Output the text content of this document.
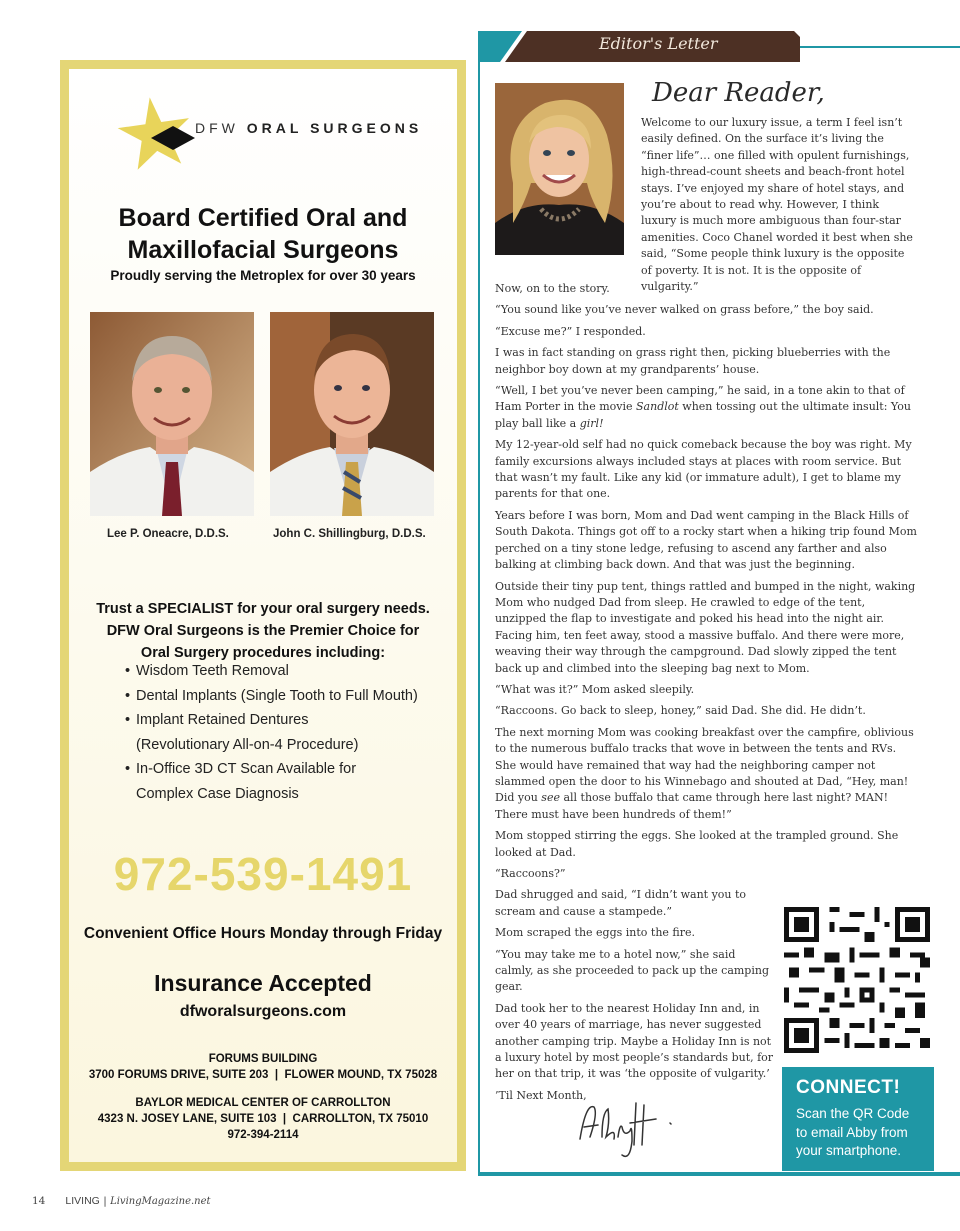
DFW ORAL SURGEONS
Board Certified Oral and
Maxillofacial Surgeons
Proudly serving the Metroplex for over 30 years
Lee P. Oneacre, D.D.S.	John C. Shillingburg, D.D.S.
Trust a SPECIALIST for your oral surgery needs.
DFW Oral Surgeons is the Premier Choice for
Oral Surgery procedures including:
• Wisdom Teeth Removal
• Dental Implants (Single Tooth to Full Mouth)
• Implant Retained Dentures
(Revolutionary All-on-4 Procedure)
• In-Office 3D CT Scan Available for
Complex Case Diagnosis
972-539-1491
Convenient Office Hours Monday through Friday
Insurance Accepted
dfworalsurgeons.com
FORUMS BUILDING
3700 FORUMS DRIVE, SUITE 203 | FLOWER MOUND, TX 75028
BAYLOR MEDICAL CENTER OF CARROLLTON
4323 N. JOSEY LANE, SUITE 103 | CARROLLTON, TX 75010
972-394-2114
Editor's Letter
Dear Reader,
Welcome to our luxury issue, a term I feel isn’t easily defined. On the surface it’s living the “finer life”… one filled with opulent furnishings, high-thread-count sheets and beach-front hotel stays. I’ve enjoyed my share of hotel stays, and you’re about to read why. However, I think luxury is much more ambiguous than four-star amenities. Coco Chanel worded it best when she said, “Some people think luxury is the opposite of poverty. It is not. It is the opposite of vulgarity.”

Now, on to the story.

“You sound like you’ve never walked on grass before,” the boy said.

“Excuse me?” I responded.

I was in fact standing on grass right then, picking blueberries with the neighbor boy down at my grandparents’ house.

“Well, I bet you’ve never been camping,” he said, in a tone akin to that of Ham Porter in the movie Sandlot when tossing out the ultimate insult: You play ball like a girl!

My 12-year-old self had no quick comeback because the boy was right. My family excursions always included stays at places with room service. But that wasn’t my fault. Like any kid (or immature adult), I get to blame my parents for that one.

Years before I was born, Mom and Dad went camping in the Black Hills of South Dakota. Things got off to a rocky start when a hiking trip found Mom perched on a tiny stone ledge, refusing to ascend any farther and also balking at climbing back down. And that was just the beginning.

Outside their tiny pup tent, things rattled and bumped in the night, waking Mom who nudged Dad from sleep. He crawled to edge of the tent, unzipped the flap to investigate and poked his head into the night air. Facing him, ten feet away, stood a massive buffalo. And there were more, weaving their way through the campground. Dad slowly zipped the tent back up and climbed into the sleeping bag next to Mom.

“What was it?” Mom asked sleepily.

“Raccoons. Go back to sleep, honey,” said Dad. She did. He didn’t.

The next morning Mom was cooking breakfast over the campfire, oblivious to the numerous buffalo tracks that wove in between the tents and RVs. She would have remained that way had the neighboring camper not slammed open the door to his Winnebago and shouted at Dad, “Hey, man! Did you see all those buffalo that came through here last night? MAN! There must have been hundreds of them!”

Mom stopped stirring the eggs. She looked at the trampled ground. She looked at Dad.

“Raccoons?”

Dad shrugged and said, “I didn’t want you to scream and cause a stampede.”

Mom scraped the eggs into the fire.

“You may take me to a hotel now,” she said calmly, as she proceeded to pack up the camping gear.

Dad took her to the nearest Holiday Inn and, in over 40 years of marriage, has never suggested another camping trip. Maybe a Holiday Inn is not a luxury hotel by most people’s standards but, for her on that trip, it was ‘the opposite of vulgarity.’

’Til Next Month,	CONNECT!
Scan the QR Code
to email Abby from
your smartphone.
14 LIVING | LivingMagazine.net
